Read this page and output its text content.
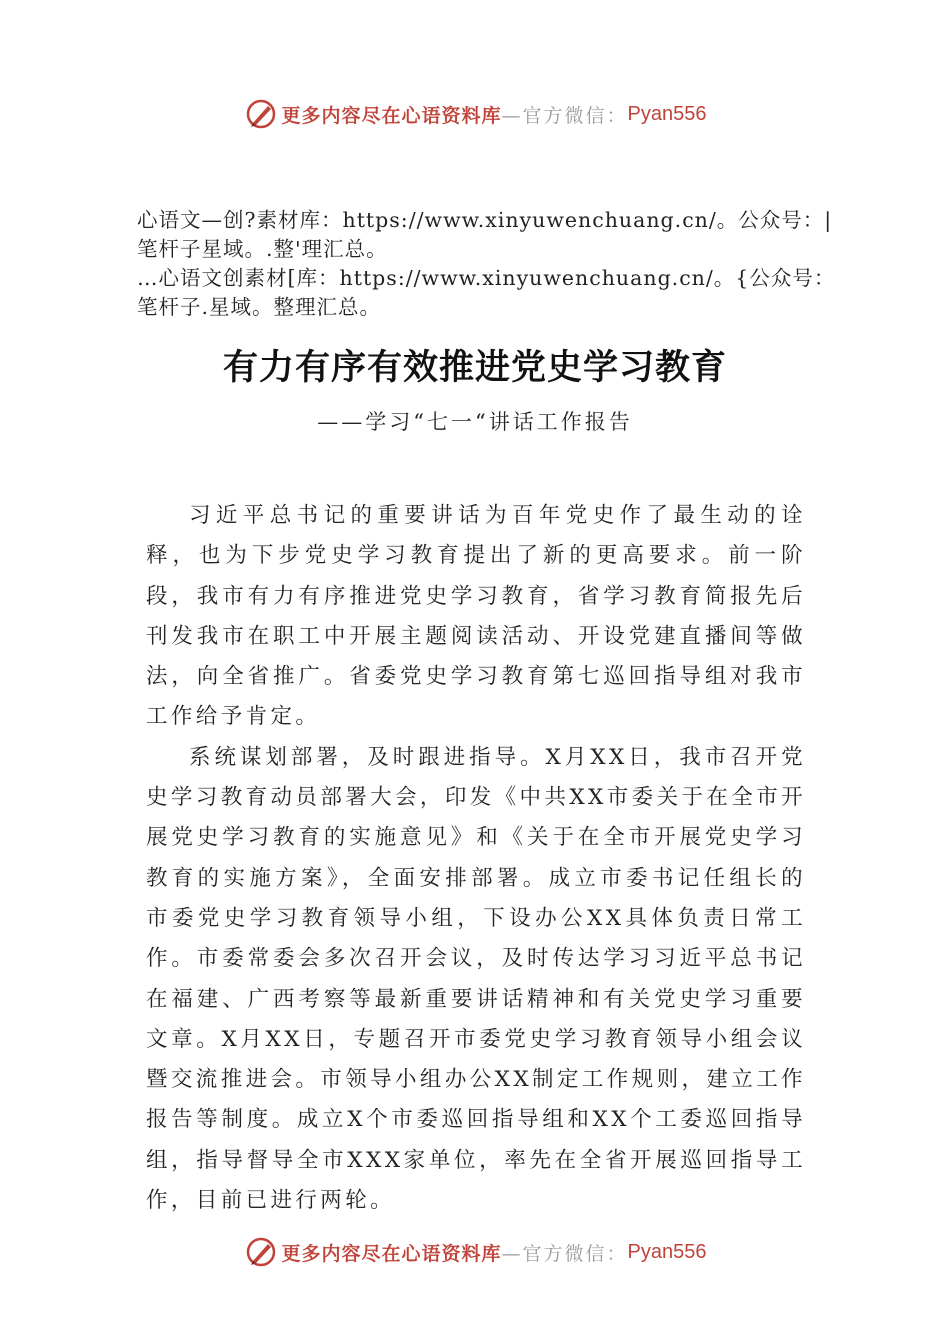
更多内容尽在心语资料库 —官方微信： Pyan556
心语文—创?素材库：https://www.xinyuwenchuang.cn/。公众号：|笔杆子星域。.整'理汇总。
…心语文创素材[库：https://www.xinyuwenchuang.cn/。{公众号：笔杆子.星域。整理汇总。
有力有序有效推进党史学习教育
——学习“七一“讲话工作报告

习近平总书记的重要讲话为百年党史作了最生动的诠释，也为下步党史学习教育提出了新的更高要求。前一阶段，我市有力有序推进党史学习教育，省学习教育简报先后刊发我市在职工中开展主题阅读活动、开设党建直播间等做法，向全省推广。省委党史学习教育第七巡回指导组对我市工作给予肯定。

系统谋划部署，及时跟进指导。X月XX日，我市召开党史学习教育动员部署大会，印发《中共XX市委关于在全市开展党史学习教育的实施意见》和《关于在全市开展党史学习教育的实施方案》，全面安排部署。成立市委书记任组长的市委党史学习教育领导小组，下设办公XX具体负责日常工作。市委常委会多次召开会议，及时传达学习习近平总书记在福建、广西考察等最新重要讲话精神和有关党史学习重要文章。X月XX日，专题召开市委党史学习教育领导小组会议暨交流推进会。市领导小组办公XX制定工作规则，建立工作报告等制度。成立X个市委巡回指导组和XX个工委巡回指导组，指导督导全市XXX家单位，率先在全省开展巡回指导工作，目前已进行两轮。

更多内容尽在心语资料库 —官方微信： Pyan556
